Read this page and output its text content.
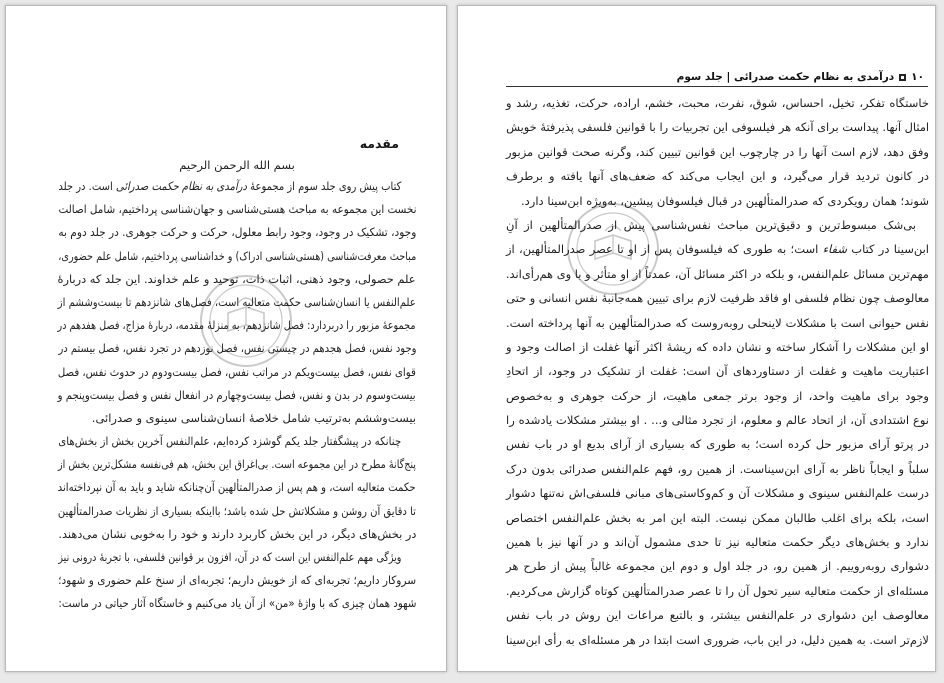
مقدمه
بسم الله الرحمن الرحیم
کتاب پیش روی جلد سوم از مجموعهٔ درآمدی به نظام حکمت صدرائی است. در جلد
نخست این مجموعه به مباحث هستی‌شناسی و جهان‌شناسی پرداختیم، شامل اصالت
وجود، تشکیک در وجود، وجود رابط معلول، حرکت و حرکت جوهری. در جلد دوم به
مباحث معرفت‌شناسی (هستی‌شناسی ادراک) و خداشناسی پرداختیم، شامل علم حضوری،
علم حصولی، وجود ذهنی، اثبات ذات، توحید و علم خداوند. این جلد که دربارهٔ
علم‌النفس یا انسان‌شناسی حکمت متعالیه است، فصل‌های شانزدهم تا بیست‌وششم از
مجموعهٔ مزبور را دربردارد: فصل شانزدهم، به منزلهٔ مقدمه، دربارهٔ مزاج، فصل هفدهم در
وجود نفس، فصل هجدهم در چیستی نفس، فصل نوزدهم در تجرد نفس، فصل بیستم در
قوای نفس، فصل بیست‌ویکم در مراتب نفس، فصل بیست‌ودوم در حدوث نفس، فصل
بیست‌وسوم در بدن و نفس، فصل بیست‌وچهارم در انفعال نفس و فصل بیست‌وپنجم و
بیست‌وششم به‌ترتیب شامل خلاصهٔ انسان‌شناسی سینوی و صدرائی.
چنانکه در پیشگفتار جلد یکم گوشزد کرده‌ایم، علم‌النفس آخرین بخش از بخش‌های
پنج‌گانهٔ مطرح در این مجموعه است. بی‌اغراق این بخش، هم فی‌نفسه مشکل‌ترین بخش از
حکمت متعالیه است، و هم پس از صدرالمتألهین آن‌چنانکه شاید و باید به آن نپرداخته‌اند
تا دقایق آن روشن و مشکلاتش حل شده باشد؛ بااینکه بسیاری از نظریات صدرالمتألهین
در بخش‌های دیگر، در این بخش کاربرد دارند و خود را به‌خوبی نشان می‌دهند.
ویژگی مهم علم‌النفس این است که در آن، افزون بر قوانین فلسفی، با تجربهٔ درونی نیز
سروکار داریم؛ تجربه‌ای که از خویش داریم؛ تجربه‌ای از سنخ علم حضوری و شهود؛
شهود همان چیزی که با واژهٔ «من» از آن یاد می‌کنیم و خاستگاه آثار حیاتی در ماست:
۱۰درآمدی به نظام حکمت صدرائی | جلد سوم
خاستگاه تفکر، تخیل، احساس، شوق، نفرت، محبت، خشم، اراده، حرکت، تغذیه، رشد و
امثال آنها. پیداست برای آنکه هر فیلسوفی این تجربیات را با قوانین فلسفی پذیرفتهٔ خویش
وفق دهد، لازم است آنها را در چارچوب این قوانین تبیین کند، وگرنه صحت قوانین مزبور
در کانون تردید قرار می‌گیرد، و این ایجاب می‌کند که ضعف‌های آنها یافته و برطرف
شوند؛ همان رویکردی که صدرالمتألهین در قبال فیلسوفان پیشین، به‌ویژه ابن‌سینا دارد.
بی‌شک مبسوط‌ترین و دقیق‌ترین مباحث نفس‌شناسی پیش از صدرالمتألهین از آنِ
ابن‌سینا در کتاب شفاء است؛ به طوری که فیلسوفان پس از او تا عصر صدرالمتألهین، از
مهم‌ترین مسائل علم‌النفس، و بلکه در اکثر مسائل آن، عمدتاً از او متأثر و با وی هم‌رأی‌اند.
معالوصف چون نظام فلسفی او فاقد ظرفیت لازم برای تبیین همه‌جانبهٔ نفس انسانی و حتی
نفس حیوانی است با مشکلات لاینحلی روبه‌روست که صدرالمتألهین به آنها پرداخته است.
او این مشکلات را آشکار ساخته و نشان داده که ریشهٔ اکثر آنها غفلت از اصالت وجود و
اعتباریت ماهیت و غفلت از دستاوردهای آن است: غفلت از تشکیک در وجود، از اتحادِ
وجود برای ماهیت واحد، از وجود برتر جمعی ماهیت، از حرکت جوهری و به‌خصوص
نوع اشتدادی آن، از اتحاد عالم و معلوم، از تجرد مثالی و... . او بیشتر مشکلات یادشده را
در پرتو آرای مزبور حل کرده است؛ به طوری که بسیاری از آرای بدیع او در باب نفس
سلباً و ایجاباً ناظر به آرای ابن‌سیناست. از همین رو، فهم علم‌النفس صدرائی بدون درک
درست علم‌النفس سینوی و مشکلات آن و کم‌وکاستی‌های مبانی فلسفی‌اش نه‌تنها دشوار
است، بلکه برای اغلب طالبان ممکن نیست. البته این امر به بخش علم‌النفس اختصاص
ندارد و بخش‌های دیگر حکمت متعالیه نیز تا حدی مشمول آن‌اند و در آنها نیز با همین
دشواری روبه‌روییم. از همین رو، در جلد اول و دوم این مجموعه غالباً پیش از طرح هر
مسئله‌ای از حکمت متعالیه سیر تحول آن را تا عصر صدرالمتألهین کوتاه گزارش می‌کردیم.
معالوصف این دشواری در علم‌النفس بیشتر، و بالتبع مراعات این روش در باب نفس
لازم‌تر است. به همین دلیل، در این باب، ضروری است ابتدا در هر مسئله‌ای به رأی ابن‌سینا
